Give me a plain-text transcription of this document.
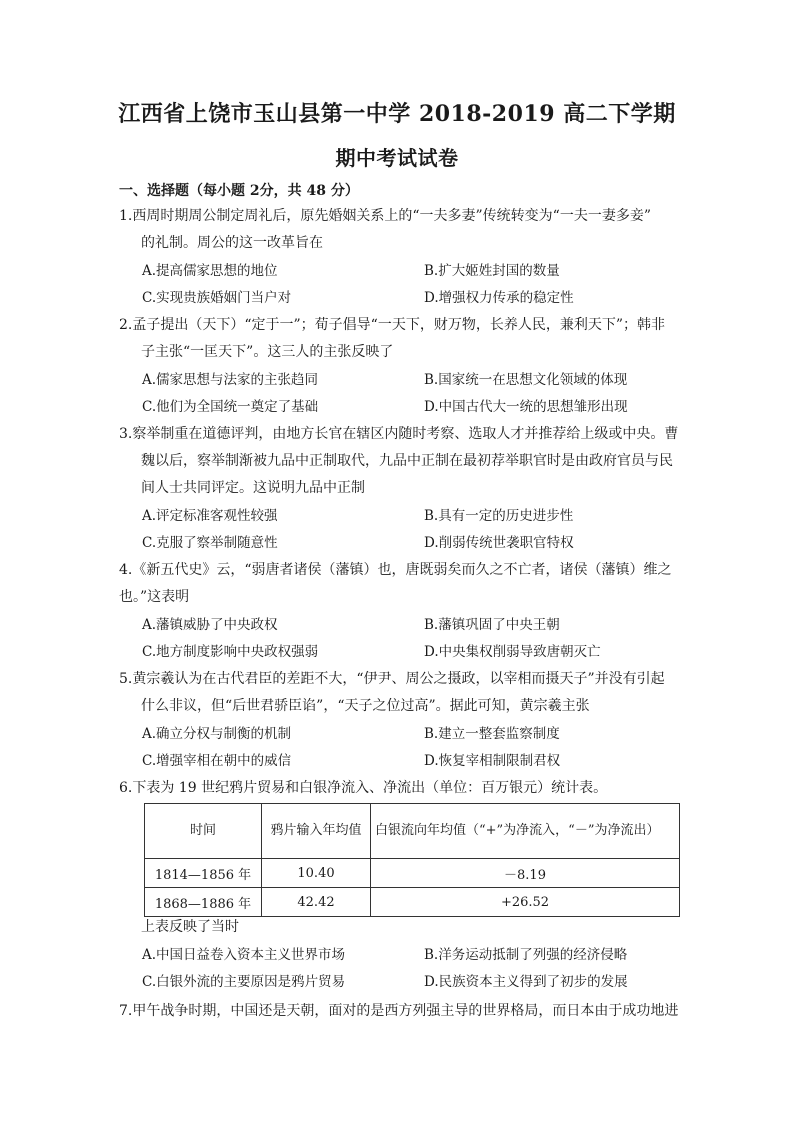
江西省上饶市玉山县第一中学 2018-2019 高二下学期
期中考试试卷
一、选择题（每小题 2分，共 48 分）
1.西周时期周公制定周礼后，原先婚姻关系上的“一夫多妻”传统转变为“一夫一妻多妾”
的礼制。周公的这一改革旨在
A.提高儒家思想的地位	B.扩大姬姓封国的数量
C.实现贵族婚姻门当户对	D.增强权力传承的稳定性
2.孟子提出（天下）“定于一”；荀子倡导“一天下，财万物，长养人民，兼利天下”；韩非
子主张“一匡天下”。这三人的主张反映了
A.儒家思想与法家的主张趋同	B.国家统一在思想文化领域的体现
C.他们为全国统一奠定了基础	D.中国古代大一统的思想雏形出现
3.察举制重在道德评判，由地方长官在辖区内随时考察、选取人才并推荐给上级或中央。曹
魏以后，察举制渐被九品中正制取代，九品中正制在最初荐举职官时是由政府官员与民
间人士共同评定。这说明九品中正制
A.评定标准客观性较强	B.具有一定的历史进步性
C.克服了察举制随意性	D.削弱传统世袭职官特权
4.《新五代史》云，“弱唐者诸侯（藩镇）也，唐既弱矣而久之不亡者，诸侯（藩镇）维之
也。”这表明
A.藩镇威胁了中央政权	B.藩镇巩固了中央王朝
C.地方制度影响中央政权强弱	D.中央集权削弱导致唐朝灭亡
5.黄宗羲认为在古代君臣的差距不大，“伊尹、周公之摄政，以宰相而摄天子”并没有引起
什么非议，但“后世君骄臣谄”，“天子之位过高”。据此可知，黄宗羲主张
A.确立分权与制衡的机制	B.建立一整套监察制度
C.增强宰相在朝中的威信	D.恢复宰相制限制君权
6.下表为 19 世纪鸦片贸易和白银净流入、净流出（单位：百万银元）统计表。
时间	鸦片输入年均值	白银流向年均值（“+”为净流入，“－”为净流出）
1814—1856 年	10.40	－8.19
1868—1886 年	42.42	+26.52
上表反映了当时
A.中国日益卷入资本主义世界市场	B.洋务运动抵制了列强的经济侵略
C.白银外流的主要原因是鸦片贸易	D.民族资本主义得到了初步的发展
7.甲午战争时期，中国还是天朝，面对的是西方列强主导的世界格局，而日本由于成功地进
